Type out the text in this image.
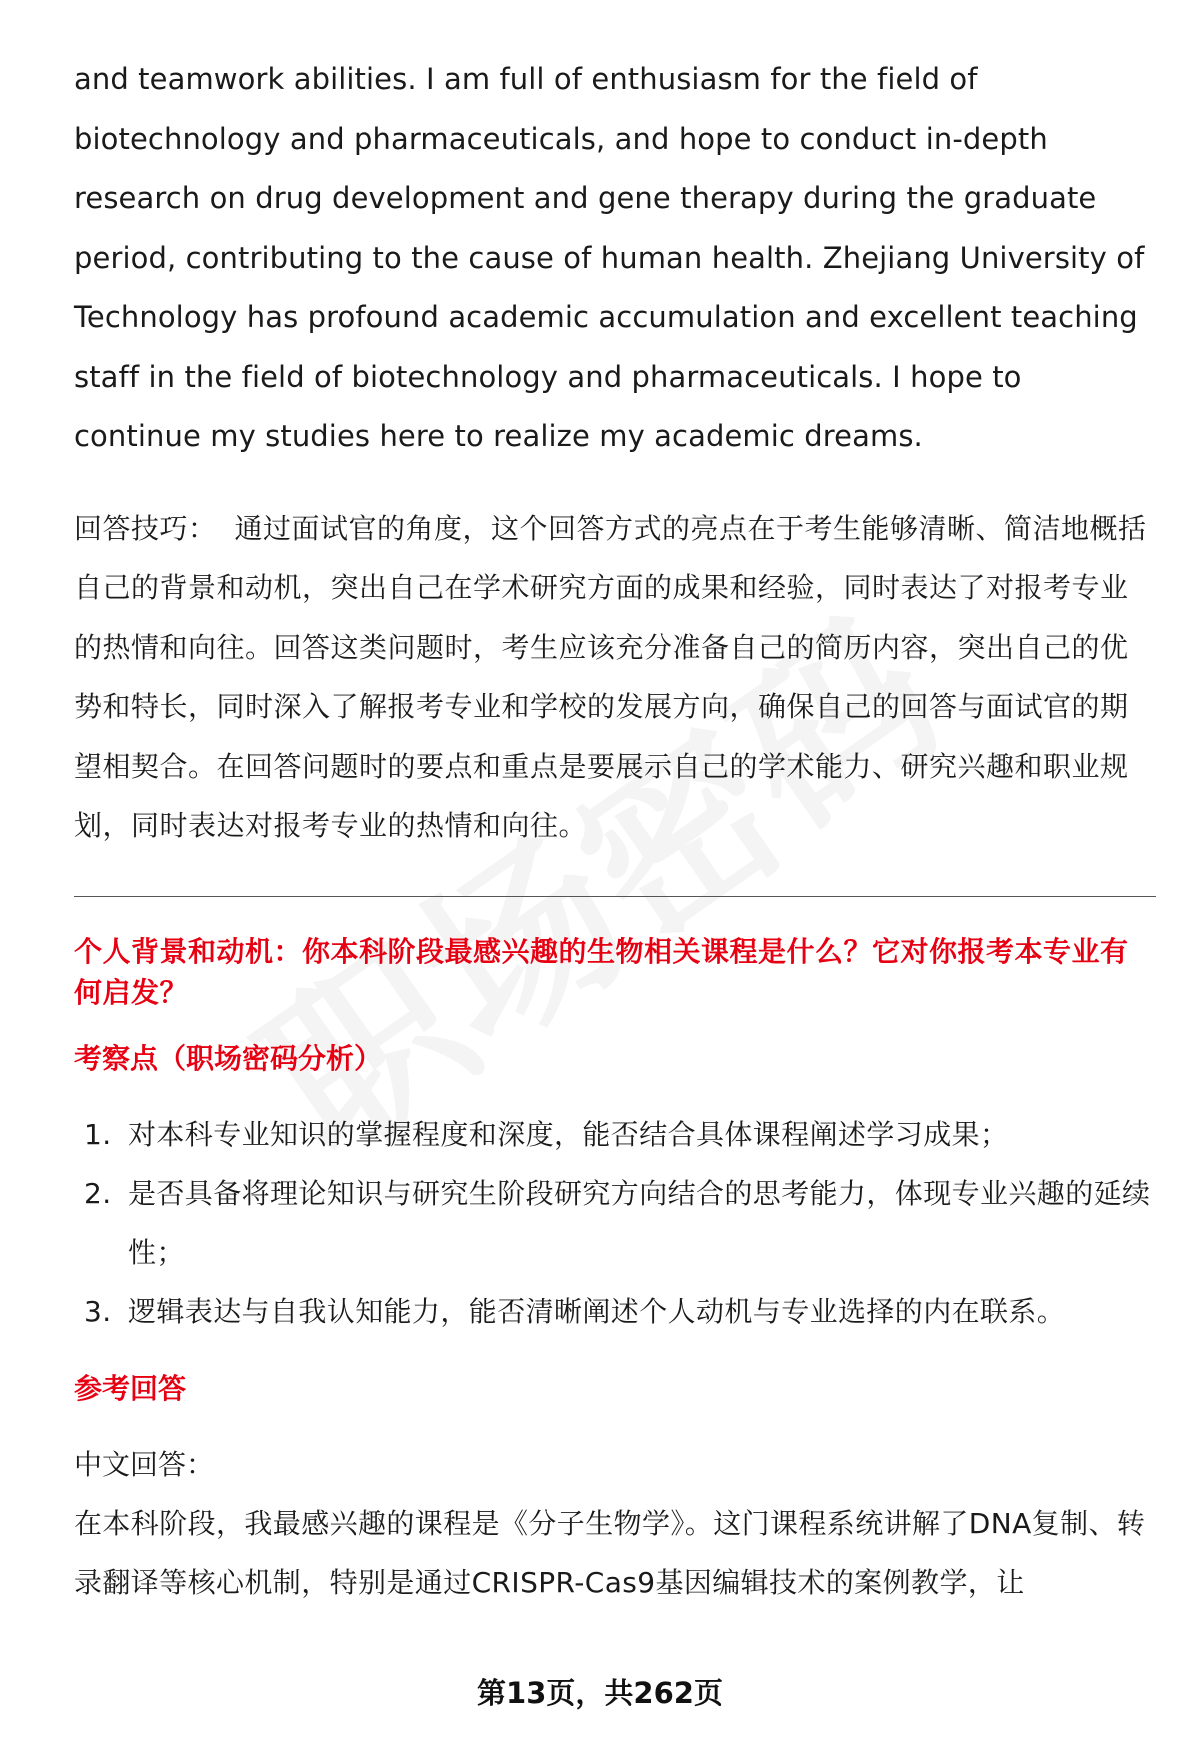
and teamwork abilities. I am full of enthusiasm for the field of biotechnology and pharmaceuticals, and hope to conduct in-depth research on drug development and gene therapy during the graduate period, contributing to the cause of human health. Zhejiang University of Technology has profound academic accumulation and excellent teaching staff in the field of biotechnology and pharmaceuticals. I hope to continue my studies here to realize my academic dreams.

回答技巧： 通过面试官的角度，这个回答方式的亮点在于考生能够清晰、简洁地概括自己的背景和动机，突出自己在学术研究方面的成果和经验，同时表达了对报考专业的热情和向往。回答这类问题时，考生应该充分准备自己的简历内容，突出自己的优势和特长，同时深入了解报考专业和学校的发展方向，确保自己的回答与面试官的期望相契合。在回答问题时的要点和重点是要展示自己的学术能力、研究兴趣和职业规划，同时表达对报考专业的热情和向往。

个人背景和动机：你本科阶段最感兴趣的生物相关课程是什么？它对你报考本专业有何启发？
考察点（职场密码分析）
1. 对本科专业知识的掌握程度和深度，能否结合具体课程阐述学习成果；
2. 是否具备将理论知识与研究生阶段研究方向结合的思考能力，体现专业兴趣的延续性；
3. 逻辑表达与自我认知能力，能否清晰阐述个人动机与专业选择的内在联系。
参考回答
中文回答：

在本科阶段，我最感兴趣的课程是《分子生物学》。这门课程系统讲解了DNA复制、转录翻译等核心机制，特别是通过CRISPR-Cas9基因编辑技术的案例教学，让

第13页，共262页
